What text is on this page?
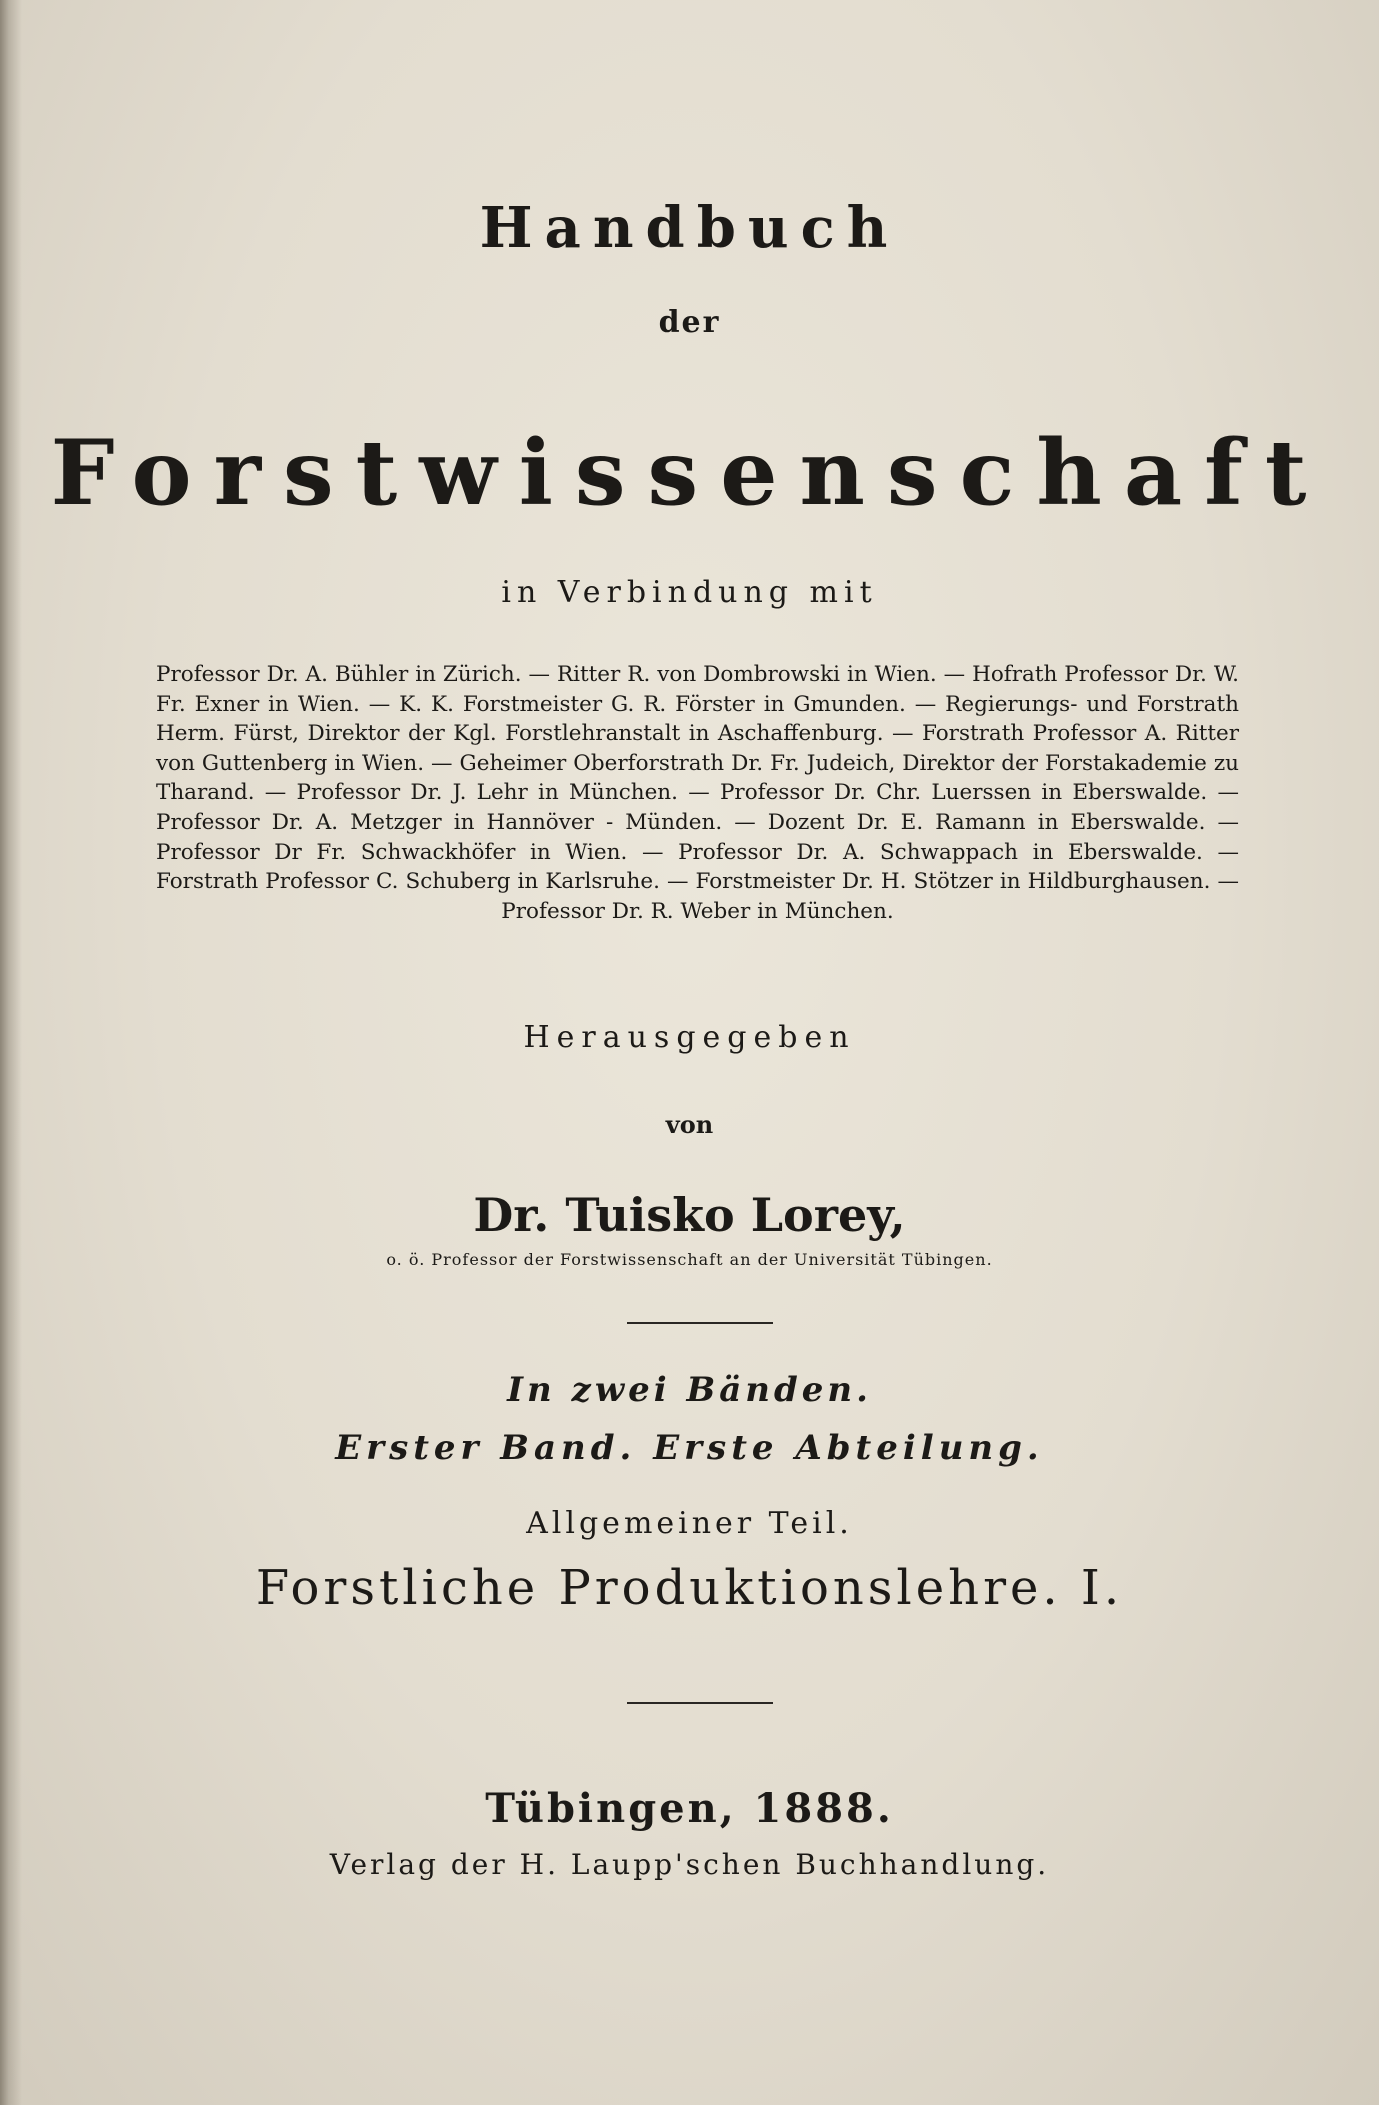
Handbuch
der
Forstwissenschaft
in Verbindung mit
Professor Dr. A. Bühler in Zürich. — Ritter R. von Dombrowski in Wien. — Hofrath Professor Dr. W. Fr. Exner in Wien. — K. K. Forstmeister G. R. Förster in Gmunden. — Regierungs- und Forstrath Herm. Fürst, Direktor der Kgl. Forstlehranstalt in Aschaffenburg. — Forstrath Professor A. Ritter von Guttenberg in Wien. — Geheimer Oberforstrath Dr. Fr. Judeich, Direktor der Forstakademie zu Tharand. — Professor Dr. J. Lehr in München. — Professor Dr. Chr. Luerssen in Eberswalde. — Professor Dr. A. Metzger in Hannöver - Münden. — Dozent Dr. E. Ramann in Eberswalde. — Professor Dr Fr. Schwackhöfer in Wien. — Professor Dr. A. Schwappach in Eberswalde. — Forstrath Professor C. Schuberg in Karlsruhe. — Forstmeister Dr. H. Stötzer in Hildburghausen. — Professor Dr. R. Weber in München.
Herausgegeben
von
Dr. Tuisko Lorey,
o. ö. Professor der Forstwissenschaft an der Universität Tübingen.
In zwei Bänden.
Erster Band. Erste Abteilung.
Allgemeiner Teil.
Forstliche Produktionslehre. I.
Tübingen, 1888.
Verlag der H. Laupp'schen Buchhandlung.
